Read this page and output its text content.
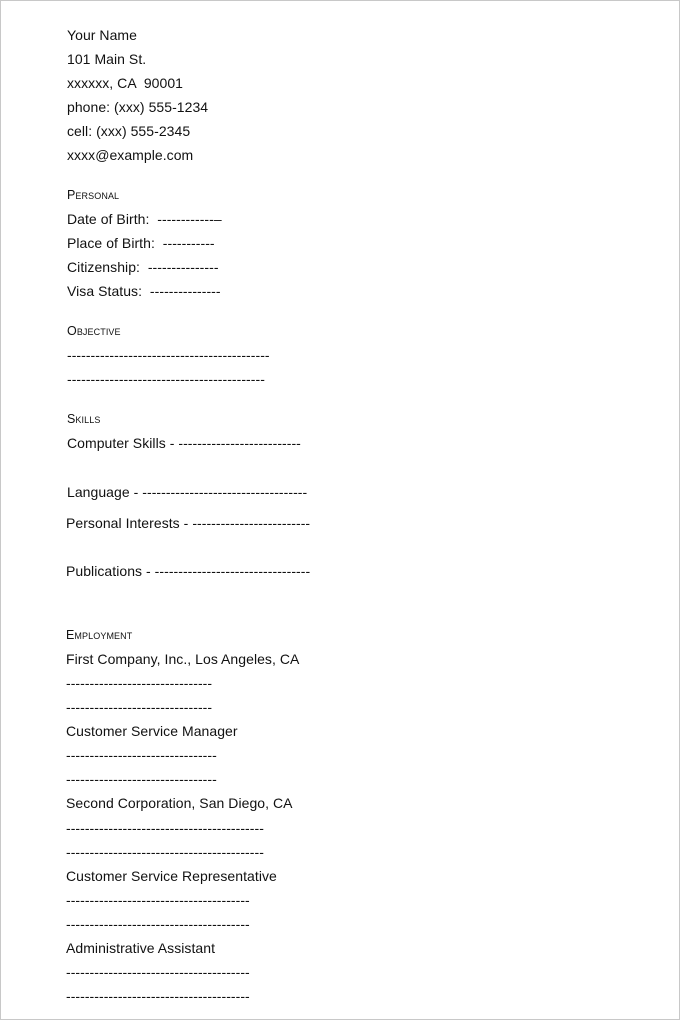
Your Name
101 Main St.
xxxxxx, CA  90001
phone: (xxx) 555-1234
cell: (xxx) 555-2345
xxxx@example.com
Personal
Date of Birth:  ------------–
Place of Birth:  -----------
Citizenship:  ---------------
Visa Status:  ---------------
Objective
-------------------------------------------
------------------------------------------
Skills
Computer Skills - --------------------------
Language - -----------------------------------
Personal Interests - -------------------------
Publications - ---------------------------------
Employment
First Company, Inc., Los Angeles, CA
-------------------------------
-------------------------------
Customer Service Manager
--------------------------------
--------------------------------
Second Corporation, San Diego, CA
------------------------------------------
------------------------------------------
Customer Service Representative
---------------------------------------
---------------------------------------
Administrative Assistant
---------------------------------------
---------------------------------------
